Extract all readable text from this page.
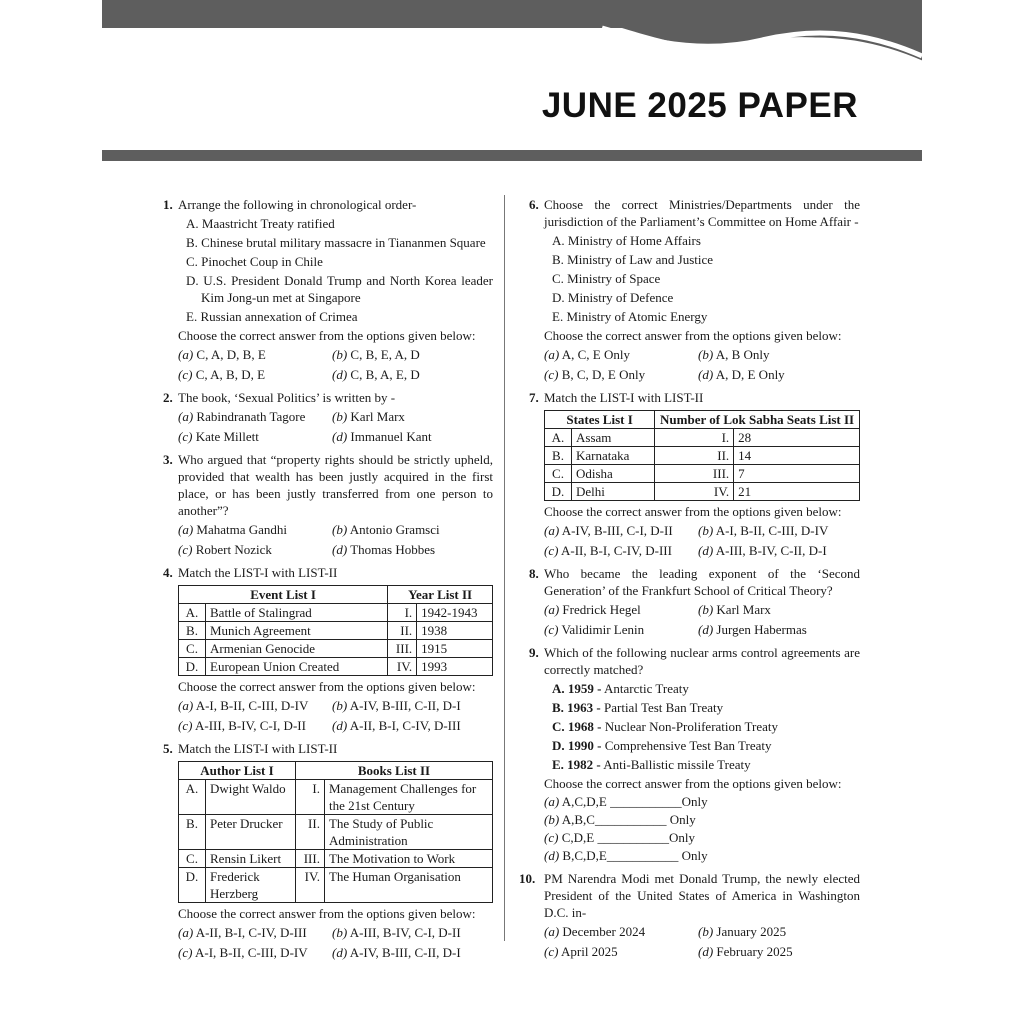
JUNE 2025 PAPER
1. Arrange the following in chronological order-
A. Maastricht Treaty ratified
B. Chinese brutal military massacre in Tiananmen Square
C. Pinochet Coup in Chile
D. U.S. President Donald Trump and North Korea leader Kim Jong-un met at Singapore
E. Russian annexation of Crimea
Choose the correct answer from the options given below:
(a) C, A, D, B, E	(b) C, B, E, A, D
(c) C, A, B, D, E	(d) C, B, A, E, D
2. The book, ‘Sexual Politics’ is written by -
(a) Rabindranath Tagore	(b) Karl Marx
(c) Kate Millett	(d) Immanuel Kant
3. Who argued that “property rights should be strictly upheld, provided that wealth has been justly acquired in the first place, or has been justly transferred from one person to another”?
(a) Mahatma Gandhi	(b) Antonio Gramsci
(c) Robert Nozick	(d) Thomas Hobbes
4. Match the LIST-I with LIST-II
Event List I		Year List II	
A.	Battle of Stalingrad	I.	1942-1943
B.	Munich Agreement	II.	1938
C.	Armenian Genocide	III.	1915
D.	European Union Created	IV.	1993
Choose the correct answer from the options given below:
(a) A-I, B-II, C-III, D-IV	(b) A-IV, B-III, C-II, D-I
(c) A-III, B-IV, C-I, D-II	(d) A-II, B-I, C-IV, D-III
5. Match the LIST-I with LIST-II
Author List I		Books List II	
A.	Dwight Waldo	I.	Management Challenges for the 21st Century
B.	Peter Drucker	II.	The Study of Public Administration
C.	Rensin Likert	III.	The Motivation to Work
D.	Frederick Herzberg	IV.	The Human Organisation
Choose the correct answer from the options given below:
(a) A-II, B-I, C-IV, D-III	(b) A-III, B-IV, C-I, D-II
(c) A-I, B-II, C-III, D-IV	(d) A-IV, B-III, C-II, D-I
6. Choose the correct Ministries/Departments under the jurisdiction of the Parliament’s Committee on Home Affair -
A. Ministry of Home Affairs
B. Ministry of Law and Justice
C. Ministry of Space
D. Ministry of Defence
E. Ministry of Atomic Energy
Choose the correct answer from the options given below:
(a) A, C, E Only	(b) A, B Only
(c) B, C, D, E Only	(d) A, D, E Only
7. Match the LIST-I with LIST-II
States List I		Number of Lok Sabha Seats List II	
A.	Assam	I.	28
B.	Karnataka	II.	14
C.	Odisha	III.	7
D.	Delhi	IV.	21
Choose the correct answer from the options given below:
(a) A-IV, B-III, C-I, D-II	(b) A-I, B-II, C-III, D-IV
(c) A-II, B-I, C-IV, D-III	(d) A-III, B-IV, C-II, D-I
8. Who became the leading exponent of the ‘Second Generation’ of the Frankfurt School of Critical Theory?
(a) Fredrick Hegel	(b) Karl Marx
(c) Validimir Lenin	(d) Jurgen Habermas
9. Which of the following nuclear arms control agreements are correctly matched?
A. 1959 - Antarctic Treaty
B. 1963 - Partial Test Ban Treaty
C. 1968 - Nuclear Non-Proliferation Treaty
D. 1990 - Comprehensive Test Ban Treaty
E. 1982 - Anti-Ballistic missile Treaty
Choose the correct answer from the options given below:
(a) A,C,D,E ___________Only
(b) A,B,C___________ Only
(c) C,D,E ___________Only
(d) B,C,D,E___________ Only
10. PM Narendra Modi met Donald Trump, the newly elected President of the United States of America in Washington D.C. in-
(a) December 2024	(b) January 2025
(c) April 2025	(d) February 2025
